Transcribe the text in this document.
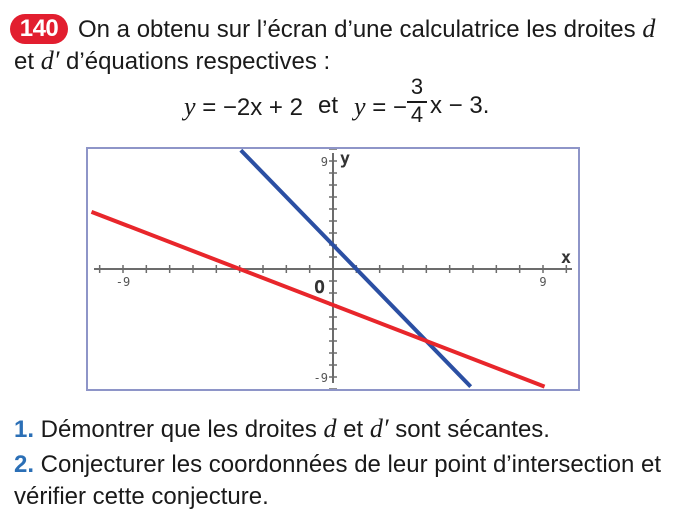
140 On a obtenu sur l’écran d’une calculatrice les droites d
et d′ d’équations respectives :
y = −2x + 2 et y = −
3
4 x − 3.
-9	9
9
-9
O
x
y
1. Démontrer que les droites d et d′ sont sécantes.
2. Conjecturer les coordonnées de leur point d’intersection et
vérifier cette conjecture.
